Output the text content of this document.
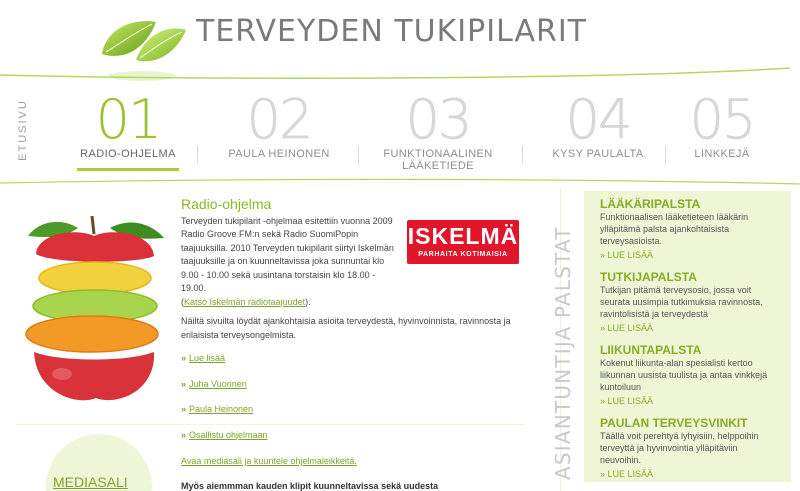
TERVEYDEN TUKIPILARIT
ETUSIVU	01
RADIO-OHJELMA
02
PAULA HEINONEN
03
FUNKTIONAALINEN LÄÄKETIEDE
04
KYSY PAULALTA
05
LINKKEJÄ
Radio-ohjelma
ISKELMÄ
PARHAITA KOTIMAISIA

Terveyden tukipilarit -ohjelmaa esitettiin vuonna 2009 Radio Groove FM:n sekä Radio SuomiPopin taajuuksilla. 2010 Terveyden tukipilarit siirtyi Iskelmän taajuuksille ja on kuunneltavissa joka sunnuntai klo 9.00 - 10.00 sekä uusintana torstaisin klo 18.00 - 19.00.

(Katso Iskelmän radiotaajuudet).

Näiltä sivuilta löydät ajankohtaisia asioita terveydestä, hyvinvoinnista, ravinnosta ja erilaisista terveysongelmista.

» Lue lisää
» Juha Vuorinen
» Paula Heinonen
» Osallistu ohjelmaan
MEDIASALI
Avaa mediasali ja kuuntele ohjelmaleikkeitä.
Myös aiemmman kauden klipit kuunneltavissa sekä uudesta
ASIANTUNTIJA PALSTAT
LÄÄKÄRIPALSTA

Funktionaalisen lääketieteen lääkärin ylläpitämä palsta ajankohtaisista terveysasioista.

» LUE LISÄÄ
TUTKIJAPALSTA

Tutkijan pitämä terveysosio, jossa voit seurata uusimpia tutkimuksia ravinnosta, ravintolisistä ja terveydestä

» LUE LISÄÄ
LIIKUNTAPALSTA

Kokenut liikunta-alan spesialisti kertoo liikunnan uusista tuulista ja antaa vinkkejä kuntoiluun

» LUE LISÄÄ
PAULAN TERVEYSVINKIT

Täällä voit perehtyä lyhyisiin, helppoihin terveyttä ja hyvinvointia ylläpitäviin neuvoihin.

» LUE LISÄÄ
